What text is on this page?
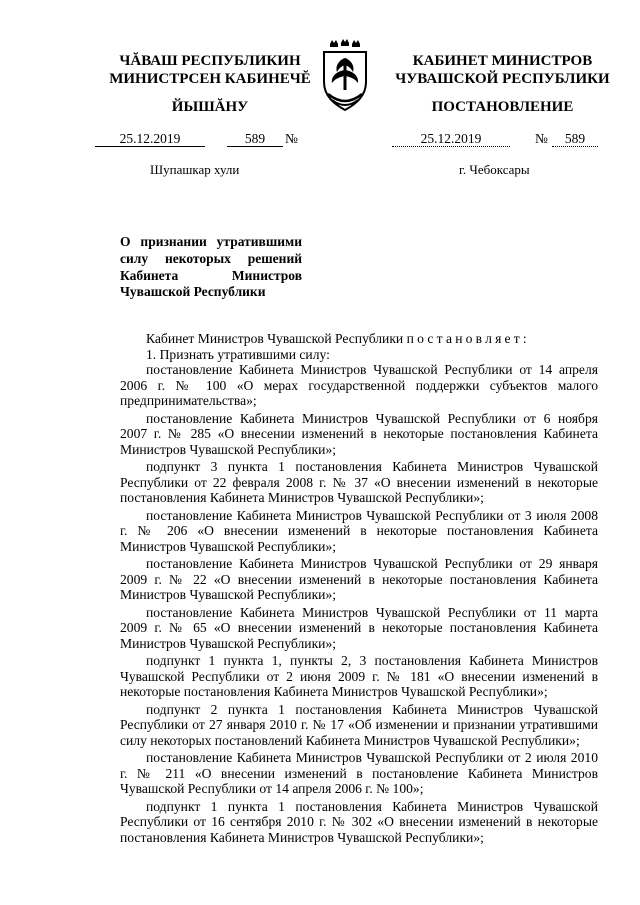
ЧĂВАШ РЕСПУБЛИКИН
МИНИСТРСЕН КАБИНЕЧĔ
КАБИНЕТ МИНИСТРОВ
ЧУВАШСКОЙ РЕСПУБЛИКИ
ЙЫШĂНУ	ПОСТАНОВЛЕНИЕ
25.12.2019	589	№	25.12.2019	№	589
Шупашкар хули	г. Чебоксары
О признании утратившими силу некоторых решений Кабинета Министров Чувашской Республики

Кабинет Министров Чувашской Республики постановляет:

1. Признать утратившими силу:

постановление Кабинета Министров Чувашской Республики от 14 апреля 2006 г. № 100 «О мерах государственной поддержки субъектов малого предпринимательства»;

постановление Кабинета Министров Чувашской Республики от 6 ноября 2007 г. № 285 «О внесении изменений в некоторые постановления Кабинета Министров Чувашской Республики»;

подпункт 3 пункта 1 постановления Кабинета Министров Чувашской Республики от 22 февраля 2008 г. № 37 «О внесении изменений в некоторые постановления Кабинета Министров Чувашской Республики»;

постановление Кабинета Министров Чувашской Республики от 3 июля 2008 г. № 206 «О внесении изменений в некоторые постановления Кабинета Министров Чувашской Республики»;

постановление Кабинета Министров Чувашской Республики от 29 января 2009 г. № 22 «О внесении изменений в некоторые постановления Кабинета Министров Чувашской Республики»;

постановление Кабинета Министров Чувашской Республики от 11 марта 2009 г. № 65 «О внесении изменений в некоторые постановления Кабинета Министров Чувашской Республики»;

подпункт 1 пункта 1, пункты 2, 3 постановления Кабинета Министров Чувашской Республики от 2 июня 2009 г. № 181 «О внесении изменений в некоторые постановления Кабинета Министров Чувашской Республики»;

подпункт 2 пункта 1 постановления Кабинета Министров Чувашской Республики от 27 января 2010 г. № 17 «Об изменении и признании утратившими силу некоторых постановлений Кабинета Министров Чувашской Республики»;

постановление Кабинета Министров Чувашской Республики от 2 июля 2010 г. № 211 «О внесении изменений в постановление Кабинета Министров Чувашской Республики от 14 апреля 2006 г. № 100»;

подпункт 1 пункта 1 постановления Кабинета Министров Чувашской Республики от 16 сентября 2010 г. № 302 «О внесении изменений в некоторые постановления Кабинета Министров Чувашской Республики»;
